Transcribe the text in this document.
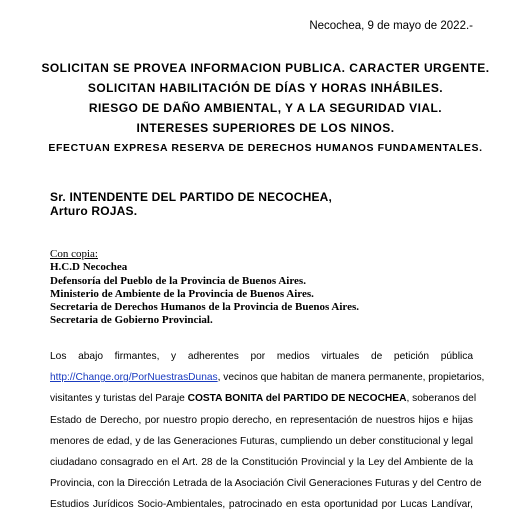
Necochea, 9 de mayo de 2022.-
SOLICITAN SE PROVEA INFORMACION PUBLICA. CARACTER URGENTE.
SOLICITAN HABILITACIÓN DE DÍAS Y HORAS INHÁBILES.
RIESGO DE DAÑO AMBIENTAL, Y A LA SEGURIDAD VIAL.
INTERESES SUPERIORES DE LOS NINOS.
EFECTUAN EXPRESA RESERVA DE DERECHOS HUMANOS FUNDAMENTALES.
Sr. INTENDENTE DEL PARTIDO DE NECOCHEA,
Arturo ROJAS.
Con copia:
H.C.D Necochea
Defensoría del Pueblo de la Provincia de Buenos Aires.
Ministerio de Ambiente de la Provincia de Buenos Aires.
Secretaria de Derechos Humanos de la Provincia de Buenos Aires.
Secretaria de Gobierno Provincial.
Los abajo firmantes, y adherentes por medios virtuales de petición pública
http://Change.org/PorNuestrasDunas, vecinos que habitan de manera permanente, propietarios,
visitantes y turistas del Paraje COSTA BONITA del PARTIDO DE NECOCHEA, soberanos del
Estado de Derecho, por nuestro propio derecho, en representación de nuestros hijos e hijas
menores de edad, y de las Generaciones Futuras, cumpliendo un deber constitucional y legal
ciudadano consagrado en el Art. 28 de la Constitución Provincial y la Ley del Ambiente de la
Provincia, con la Dirección Letrada de la Asociación Civil Generaciones Futuras y del Centro de
Estudios Jurídicos Socio-Ambientales, patrocinado en esta oportunidad por Lucas Landívar,
